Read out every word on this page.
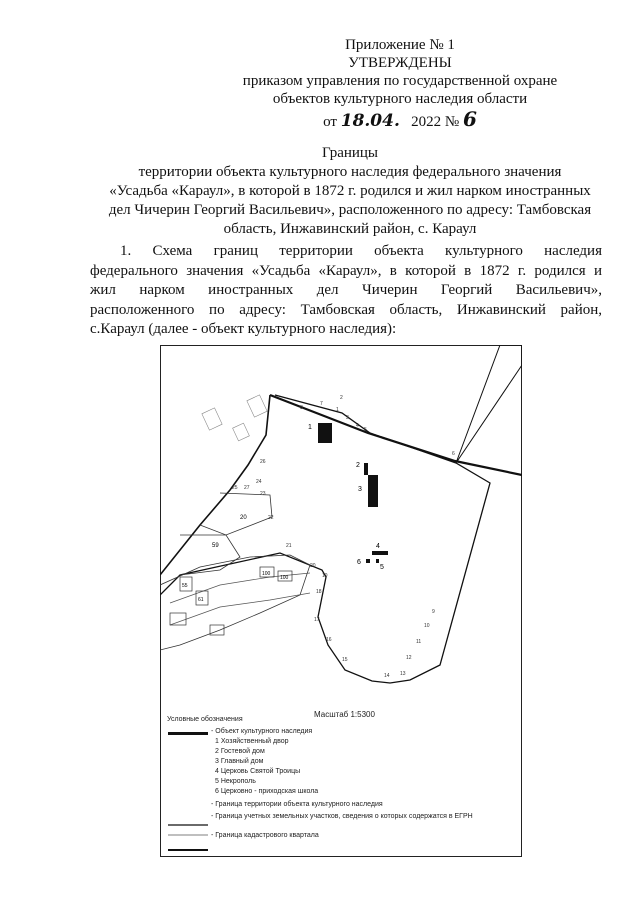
Приложение № 1
УТВЕРЖДЕНЫ
приказом управления по государственной охране
объектов культурного наследия области
от 18.04. 2022 № 6
Границы
территории объекта культурного наследия федерального значения
«Усадьба «Караул», в которой в 1872 г. родился и жил нарком иностранных
дел Чичерин Георгий Васильевич», расположенного по адресу: Тамбовская
область, Инжавинский район, с. Караул
1. Схема границ территории объекта культурного наследия
федерального значения «Усадьба «Караул», в которой в 1872 г. родился и
жил нарком иностранных дел Чичерин Георгий Васильевич»,
расположенного по адресу: Тамбовская область, Инжавинский район,
с.Караул (далее - объект культурного наследия):
1
2
3
4
5
6
20
59
100
55
61
100
1
2
3
4
5
6
7
8
9
10
11
12
13
14
15
16
17
18
19
20
21
22
23
24
25
26
27
Масштаб 1:5300
Условные обозначения
- Объект культурного наследия
1 Хозяйственный двор
2 Гостевой дом
3 Главный дом
4 Церковь Святой Троицы
5 Некрополь
6 Церковно - приходская школа
- Граница территории объекта культурного наследия
- Граница учетных земельных участков, сведения о которых содержатся в ЕГРН
- Граница кадастрового квартала
